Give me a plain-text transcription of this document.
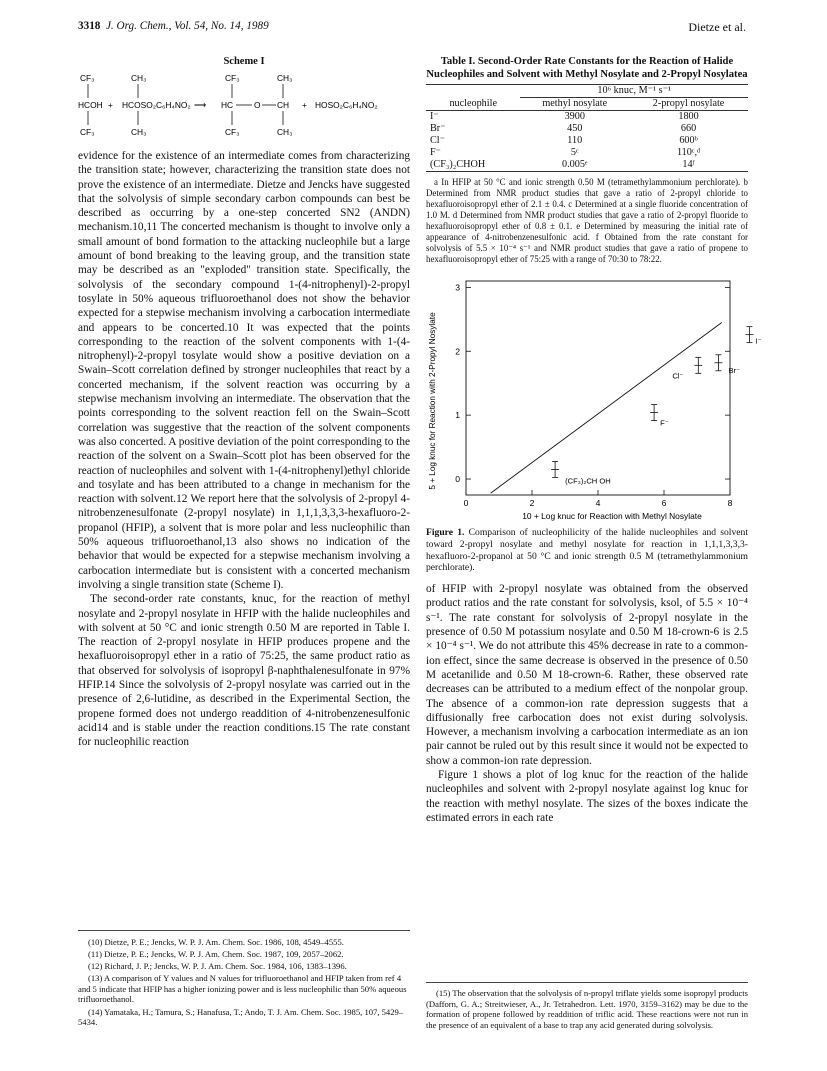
3318 J. Org. Chem., Vol. 54, No. 14, 1989	Dietze et al.
Scheme I
CF₃
HCOH
CF₃
+
CH₃
HCOSO₂C₆H₄NO₂
CH₃
⟶
CF₃
HC O CH
CF₃
CH₃
CH₃
+ HOSO₂C₆H₄NO₂

evidence for the existence of an intermediate comes from characterizing the transition state; however, characterizing the transition state does not prove the existence of an intermediate. Dietze and Jencks have suggested that the solvolysis of simple secondary carbon compounds can best be described as occurring by a one-step concerted SN2 (ANDN) mechanism.10,11 The concerted mechanism is thought to involve only a small amount of bond formation to the attacking nucleophile but a large amount of bond breaking to the leaving group, and the transition state may be described as an "exploded" transition state. Specifically, the solvolysis of the secondary compound 1-(4-nitrophenyl)-2-propyl tosylate in 50% aqueous trifluoroethanol does not show the behavior expected for a stepwise mechanism involving a carbocation intermediate and appears to be concerted.10 It was expected that the points corresponding to the reaction of the solvent components with 1-(4-nitrophenyl)-2-propyl tosylate would show a positive deviation on a Swain–Scott correlation defined by stronger nucleophiles that react by a concerted mechanism, if the solvent reaction was occurring by a stepwise mechanism involving an intermediate. The observation that the points corresponding to the solvent reaction fell on the Swain–Scott correlation was suggestive that the reaction of the solvent components was also concerted. A positive deviation of the point corresponding to the reaction of the solvent on a Swain–Scott plot has been observed for the reaction of nucleophiles and solvent with 1-(4-nitrophenyl)ethyl chloride and tosylate and has been attributed to a change in mechanism for the reaction with solvent.12 We report here that the solvolysis of 2-propyl 4-nitrobenzenesulfonate (2-propyl nosylate) in 1,1,1,3,3,3-hexafluoro-2-propanol (HFIP), a solvent that is more polar and less nucleophilic than 50% aqueous trifluoroethanol,13 also shows no indication of the behavior that would be expected for a stepwise mechanism involving a carbocation intermediate but is consistent with a concerted mechanism involving a single transition state (Scheme I).

The second-order rate constants, knuc, for the reaction of methyl nosylate and 2-propyl nosylate in HFIP with the halide nucleophiles and with solvent at 50 °C and ionic strength 0.50 M are reported in Table I. The reaction of 2-propyl nosylate in HFIP produces propene and the hexafluoroisopropyl ether in a ratio of 75:25, the same product ratio as that observed for solvolysis of isopropyl β-naphthalenesulfonate in 97% HFIP.14 Since the solvolysis of 2-propyl nosylate was carried out in the presence of 2,6-lutidine, as described in the Experimental Section, the propene formed does not undergo readdition of 4-nitrobenzenesulfonic acid14 and is stable under the reaction conditions.15 The rate constant for nucleophilic reaction

(10) Dietze, P. E.; Jencks, W. P. J. Am. Chem. Soc. 1986, 108, 4549–4555.

(11) Dietze, P. E.; Jencks, W. P. J. Am. Chem. Soc. 1987, 109, 2057–2062.

(12) Richard, J. P.; Jencks, W. P. J. Am. Chem. Soc. 1984, 106, 1383–1396.

(13) A comparison of Y values and N values for trifluoroethanol and HFIP taken from ref 4 and 5 indicate that HFIP has a higher ionizing power and is less nucleophilic than 50% aqueous trifluoroethanol.

(14) Yamataka, H.; Tamura, S.; Hanafusa, T.; Ando, T. J. Am. Chem. Soc. 1985, 107, 5429–5434.

Table I. Second-Order Rate Constants for the Reaction of Halide Nucleophiles and Solvent with Methyl Nosylate and 2-Propyl Nosylatea

	10⁶ knuc, M⁻¹ s⁻¹	
nucleophile	methyl nosylate	2-propyl nosylate
I⁻	3900	1800
Br⁻	450	660
Cl⁻	110	600ᵇ
F⁻	5ᶜ	110ᶜ,ᵈ
(CF₃)₂CHOH	0.005ᵉ	14ᶠ

a In HFIP at 50 °C and ionic strength 0.50 M (tetramethylammonium perchlorate). b Determined from NMR product studies that gave a ratio of 2-propyl chloride to hexafluoroisopropyl ether of 2.1 ± 0.4. c Determined at a single fluoride concentration of 1.0 M. d Determined from NMR product studies that gave a ratio of 2-propyl fluoride to hexafluoroisopropyl ether of 0.8 ± 0.1. e Determined by measuring the initial rate of appearance of 4-nitrobenzenesulfonic acid. f Obtained from the rate constant for solvolysis of 5.5 × 10⁻⁴ s⁻¹ and NMR product studies that gave a ratio of propene to hexafluoroisopropyl ether of 75:25 with a range of 70:30 to 78:22.

0	2	4	6	8
0
1
2
3
(CF₃)₂CH OH
F⁻
Cl⁻
Br⁻
I⁻
10 + Log knuc for Reaction with Methyl Nosylate
5 + Log knuc for Reaction with 2-Propyl Nosylate

Figure 1. Comparison of nucleophilicity of the halide nucleophiles and solvent toward 2-propyl nosylate and methyl nosylate for reaction in 1,1,1,3,3,3-hexafluoro-2-propanol at 50 °C and ionic strength 0.5 M (tetramethylammonium perchlorate).

of HFIP with 2-propyl nosylate was obtained from the observed product ratios and the rate constant for solvolysis, ksol, of 5.5 × 10⁻⁴ s⁻¹. The rate constant for solvolysis of 2-propyl nosylate in the presence of 0.50 M potassium nosylate and 0.50 M 18-crown-6 is 2.5 × 10⁻⁴ s⁻¹. We do not attribute this 45% decrease in rate to a common-ion effect, since the same decrease is observed in the presence of 0.50 M acetanilide and 0.50 M 18-crown-6. Rather, these observed rate decreases can be attributed to a medium effect of the nonpolar group. The absence of a common-ion rate depression suggests that a diffusionally free carbocation does not exist during solvolysis. However, a mechanism involving a carbocation intermediate as an ion pair cannot be ruled out by this result since it would not be expected to show a common-ion rate depression.

Figure 1 shows a plot of log knuc for the reaction of the halide nucleophiles and solvent with 2-propyl nosylate against log knuc for the reaction with methyl nosylate. The sizes of the boxes indicate the estimated errors in each rate

(15) The observation that the solvolysis of n-propyl triflate yields some isopropyl products (Dafforn, G. A.; Streitwieser, A., Jr. Tetrahedron. Lett. 1970, 3159–3162) may be due to the formation of propene followed by readdition of triflic acid. These reactions were not run in the presence of an equivalent of a base to trap any acid generated during solvolysis.
